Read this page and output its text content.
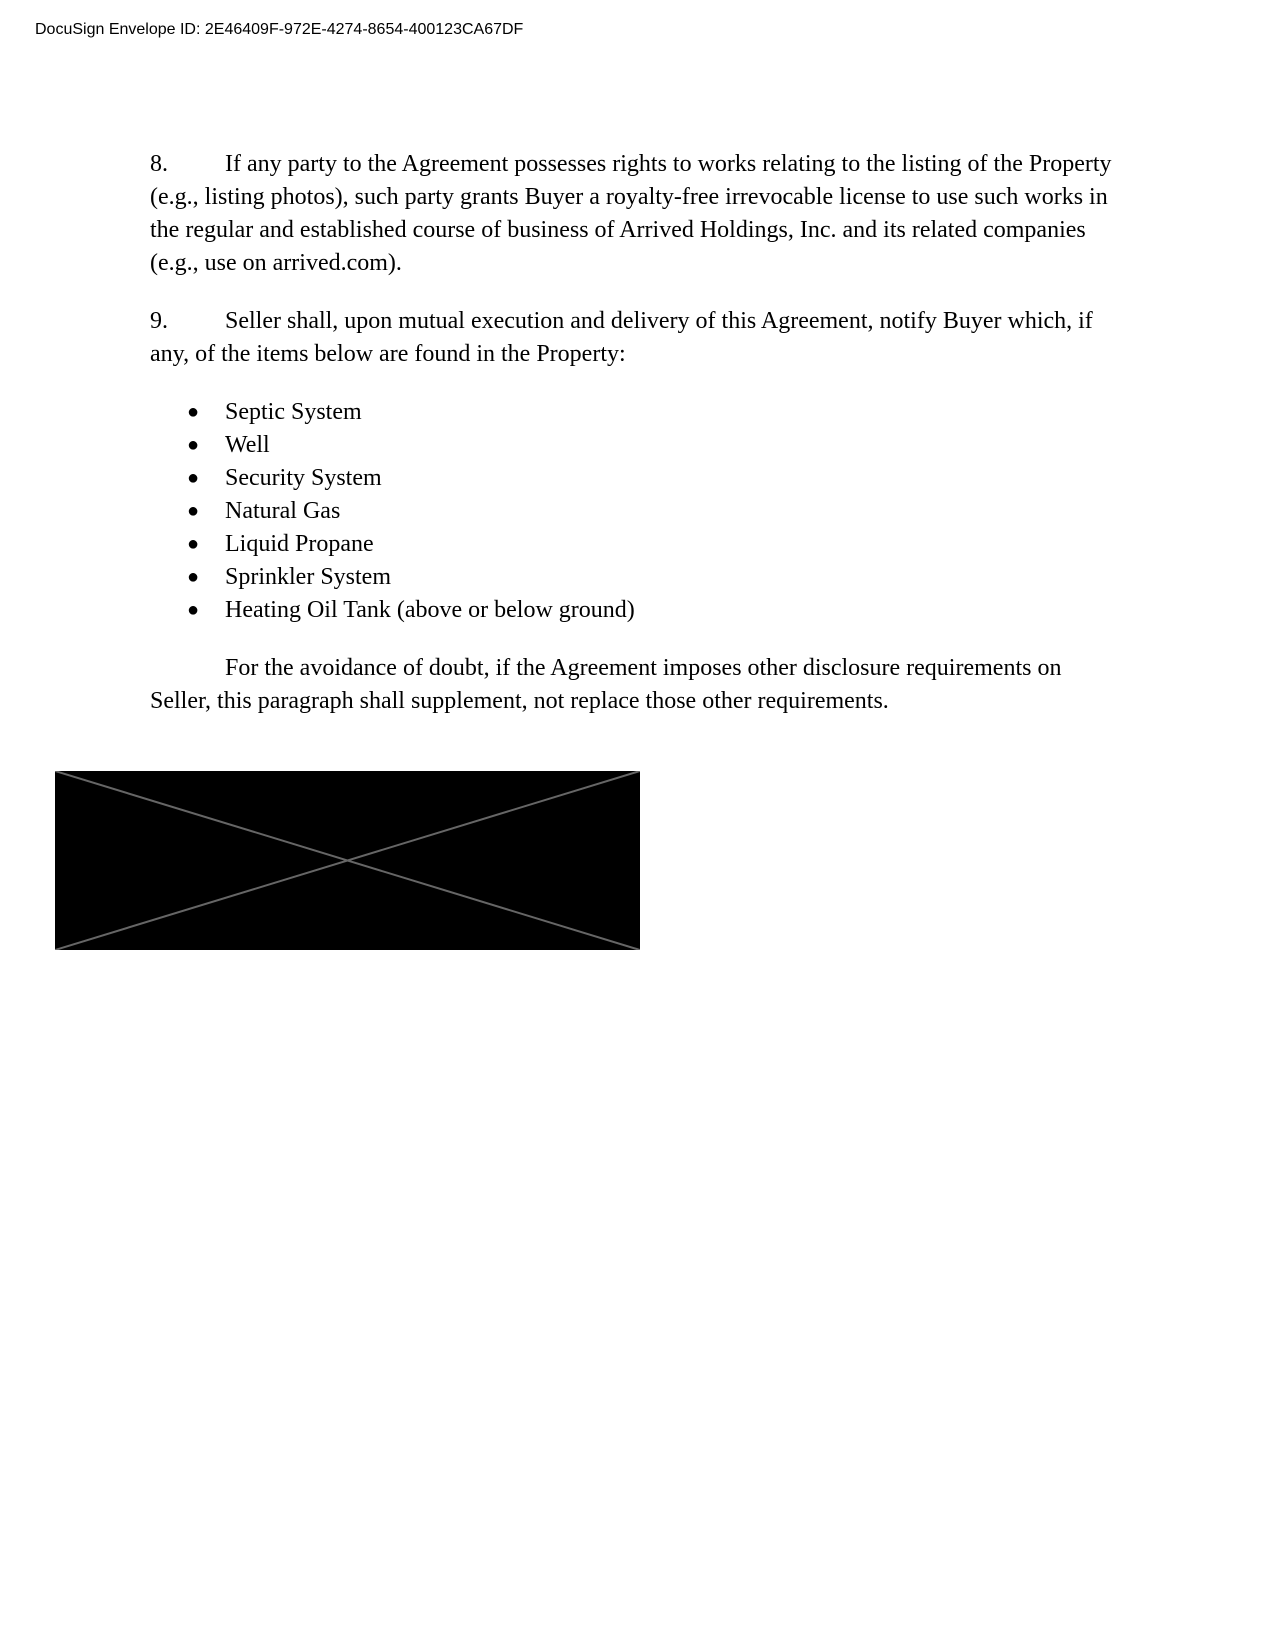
DocuSign Envelope ID: 2E46409F-972E-4274-8654-400123CA67DF

8. If any party to the Agreement possesses rights to works relating to the listing of the Property (e.g., listing photos), such party grants Buyer a royalty-free irrevocable license to use such works in the regular and established course of business of Arrived Holdings, Inc. and its related companies (e.g., use on arrived.com).

9. Seller shall, upon mutual execution and delivery of this Agreement, notify Buyer which, if any, of the items below are found in the Property:

● Septic System
● Well
● Security System
● Natural Gas
● Liquid Propane
● Sprinkler System
● Heating Oil Tank (above or below ground)

For the avoidance of doubt, if the Agreement imposes other disclosure requirements on Seller, this paragraph shall supplement, not replace those other requirements.
